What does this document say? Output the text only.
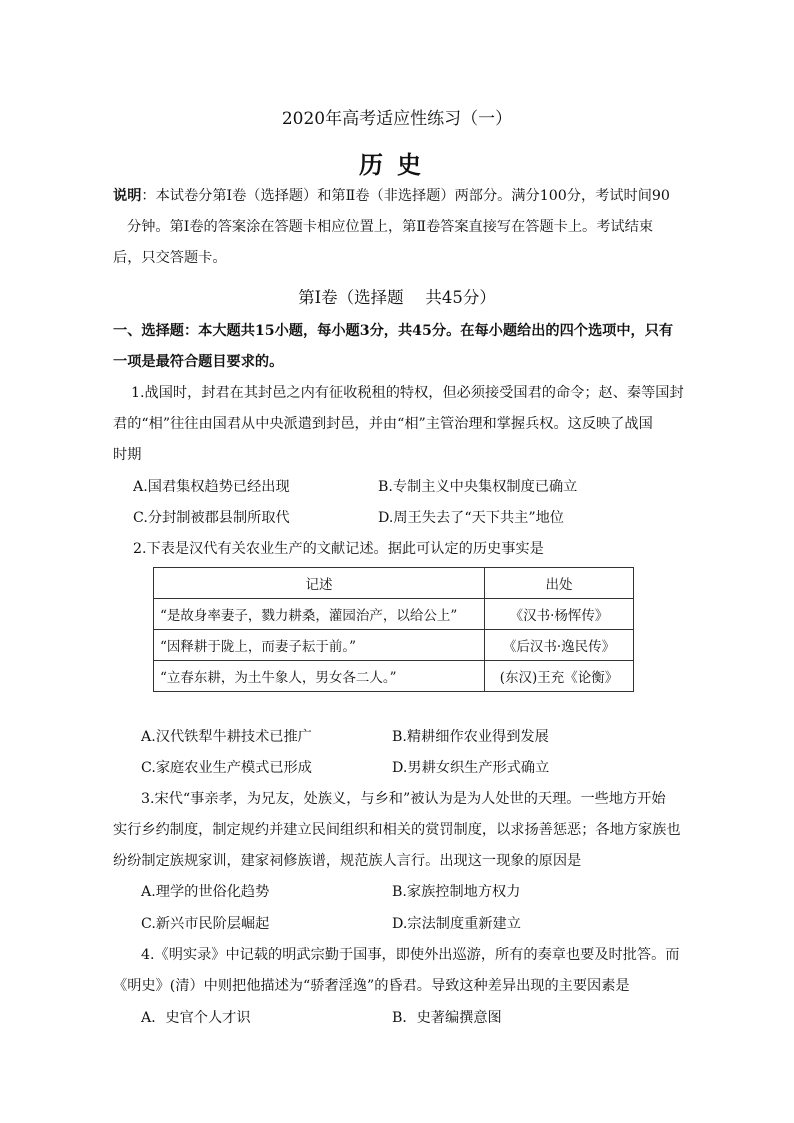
2020年高考适应性练习（一）
历史
说明：本试卷分第Ⅰ卷（选择题）和第Ⅱ卷（非选择题）两部分。满分100分，考试时间90
分钟。第Ⅰ卷的答案涂在答题卡相应位置上，第Ⅱ卷答案直接写在答题卡上。考试结束
后，只交答题卡。
第Ⅰ卷（选择题　 共45分）
一、选择题：本大题共15小题，每小题3分，共45分。在每小题给出的四个选项中，只有
一项是最符合题目要求的。
1.战国时，封君在其封邑之内有征收税租的特权，但必须接受国君的命令；赵、秦等国封
君的“相”往往由国君从中央派遣到封邑，并由“相”主管治理和掌握兵权。这反映了战国
时期
A.国君集权趋势已经出现	B.专制主义中央集权制度已确立
C.分封制被郡县制所取代	D.周王失去了“天下共主”地位
2.下表是汉代有关农业生产的文献记述。据此可认定的历史事实是
记述	出处
“是故身率妻子，戮力耕桑，灌园治产，以给公上”	《汉书·杨恽传》
“因释耕于陇上，而妻子耘于前。”	《后汉书·逸民传》
“立春东耕，为土牛象人，男女各二人。”	(东汉)王充《论衡》
A.汉代铁犁牛耕技术已推广	B.精耕细作农业得到发展
C.家庭农业生产模式已形成	D.男耕女织生产形式确立
3.宋代“事亲孝，为兄友，处族义，与乡和”被认为是为人处世的天理。一些地方开始
实行乡约制度，制定规约并建立民间组织和相关的赏罚制度，以求扬善惩恶；各地方家族也
纷纷制定族规家训，建家祠修族谱，规范族人言行。出现这一现象的原因是
A.理学的世俗化趋势	B.家族控制地方权力
C.新兴市民阶层崛起	D.宗法制度重新建立
4.《明实录》中记载的明武宗勤于国事，即使外出巡游，所有的奏章也要及时批答。而
《明史》(清）中则把他描述为“骄奢淫逸”的昏君。导致这种差异出现的主要因素是
A．史官个人才识	B．史著编撰意图
